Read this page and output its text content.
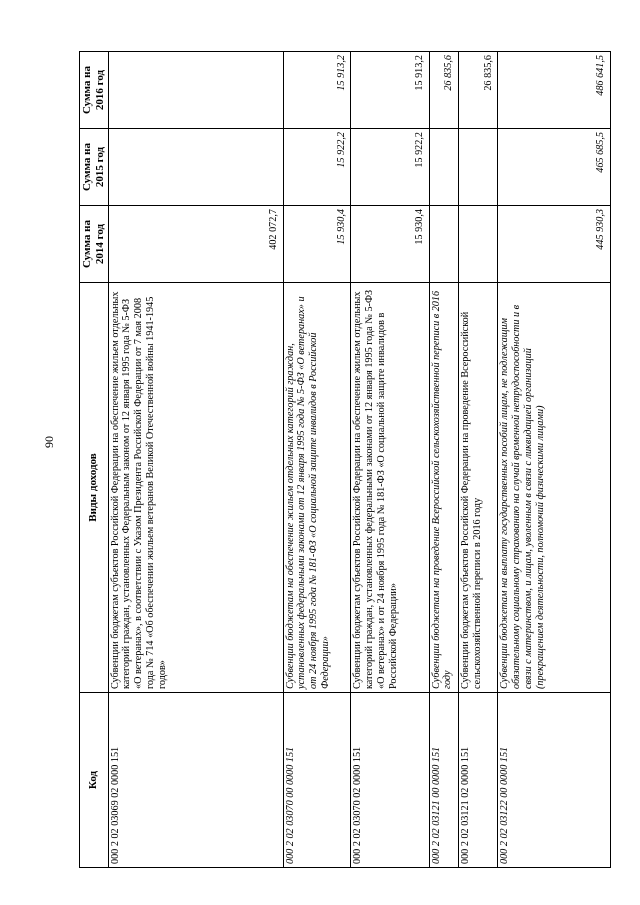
90
Код	Виды доходов	Сумма на 2014 год	Сумма на 2015 год	Сумма на 2016 год
000 2 02 03069 02 0000 151	Субвенции бюджетам субъектов Российской Федерации на обеспечение жильем отдельных категорий граждан, установленных Федеральным законом от 12 января 1995 года № 5-ФЗ «О ветеранах», в соответствии с Указом Президента Российской Федерации от 7 мая 2008 года № 714 «Об обеспечении жильем ветеранов Великой Отечественной войны 1941-1945 годов»	402 072,7		
000 2 02 03070 00 0000 151	Субвенции бюджетам на обеспечение жильем отдельных категорий граждан, установленных федеральными законами от 12 января 1995 года № 5-ФЗ «О ветеранах» и от 24 ноября 1995 года № 181-ФЗ «О социальной защите инвалидов в Российской Федерации»	15 930,4	15 922,2	15 913,2
000 2 02 03070 02 0000 151	Субвенции бюджетам субъектов Российской Федерации на обеспечение жильем отдельных категорий граждан, установленных федеральными законами от 12 января 1995 года № 5-ФЗ «О ветеранах» и от 24 ноября 1995 года № 181-ФЗ «О социальной защите инвалидов в Российской Федерации»	15 930,4	15 922,2	15 913,2
000 2 02 03121 00 0000 151	Субвенции бюджетам на проведение Всероссийской сельскохозяйственной переписи в 2016 году			26 835,6
000 2 02 03121 02 0000 151	Субвенции бюджетам субъектов Российской Федерации на проведение Всероссийской сельскохозяйственной переписи в 2016 году			26 835,6
000 2 02 03122 00 0000 151	Субвенции бюджетам на выплату государственных пособий лицам, не подлежащим обязательному социальному страхованию на случай временной нетрудоспособности и в связи с материнством, и лицам, уволенным в связи с ликвидацией организаций (прекращением деятельности, полномочий физическими лицами)	445 930,3	465 685,5	486 641,5
